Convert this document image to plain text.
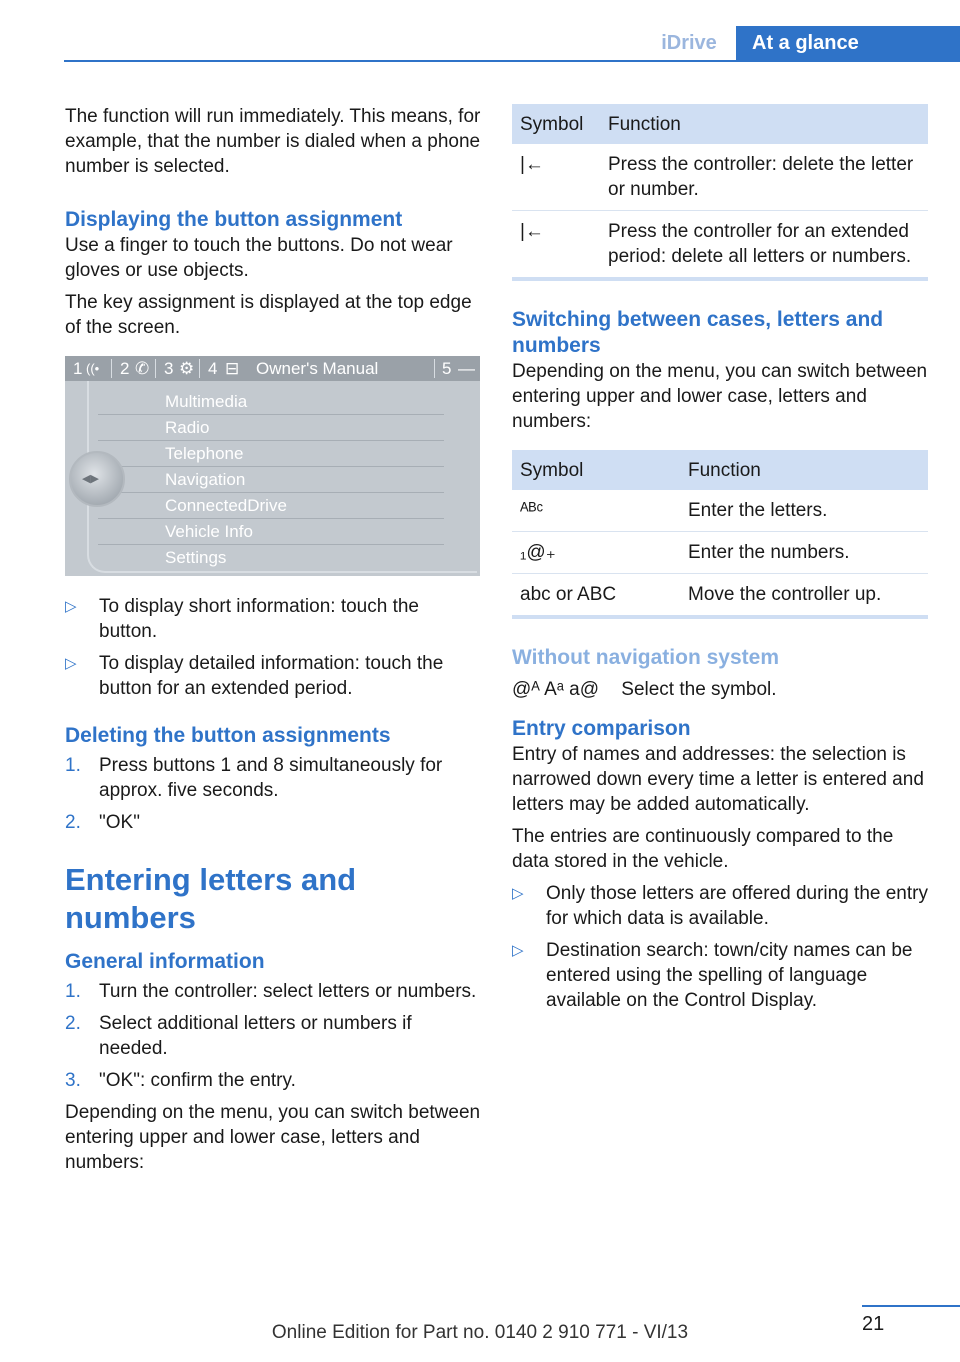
iDrive	At a glance

The function will run immediately. This means, for example, that the number is dialed when a phone number is selected.

Displaying the button assignment

Use a finger to touch the buttons. Do not wear gloves or use objects.

The key assignment is displayed at the top edge of the screen.

1 ((• 2 ✆ 3 ⚙ 4 ⊟ Owner's Manual	5 —
Multimedia
Radio
Telephone
Navigation
ConnectedDrive
Vehicle Info
Settings
◀▶
▷ To display short information: touch the button.
▷ To display detailed information: touch the button for an extended period.
Deleting the button assignments
1. Press buttons 1 and 8 simultaneously for approx. five seconds.
2. "OK"
Entering letters and numbers
General information
1. Turn the controller: select letters or numbers.
2. Select additional letters or numbers if needed.
3. "OK": confirm the entry.

Depending on the menu, you can switch between entering upper and lower case, letters and numbers:

Symbol	Function
|←	Press the controller: delete the letter or number.
|←	Press the controller for an extended period: delete all letters or numbers.
Switching between cases, letters and numbers

Depending on the menu, you can switch between entering upper and lower case, letters and numbers:

Symbol	Function
ᴬᴮᶜ	Enter the letters.
₁@₊	Enter the numbers.
abc or ABC	Move the controller up.
Without navigation system

@ᴬ Aᵃ a@ Select the symbol.

Entry comparison

Entry of names and addresses: the selection is narrowed down every time a letter is entered and letters may be added automatically.

The entries are continuously compared to the data stored in the vehicle.

▷ Only those letters are offered during the entry for which data is available.
▷ Destination search: town/city names can be entered using the spelling of language available on the Control Display.
21
Online Edition for Part no. 0140 2 910 771 - VI/13
